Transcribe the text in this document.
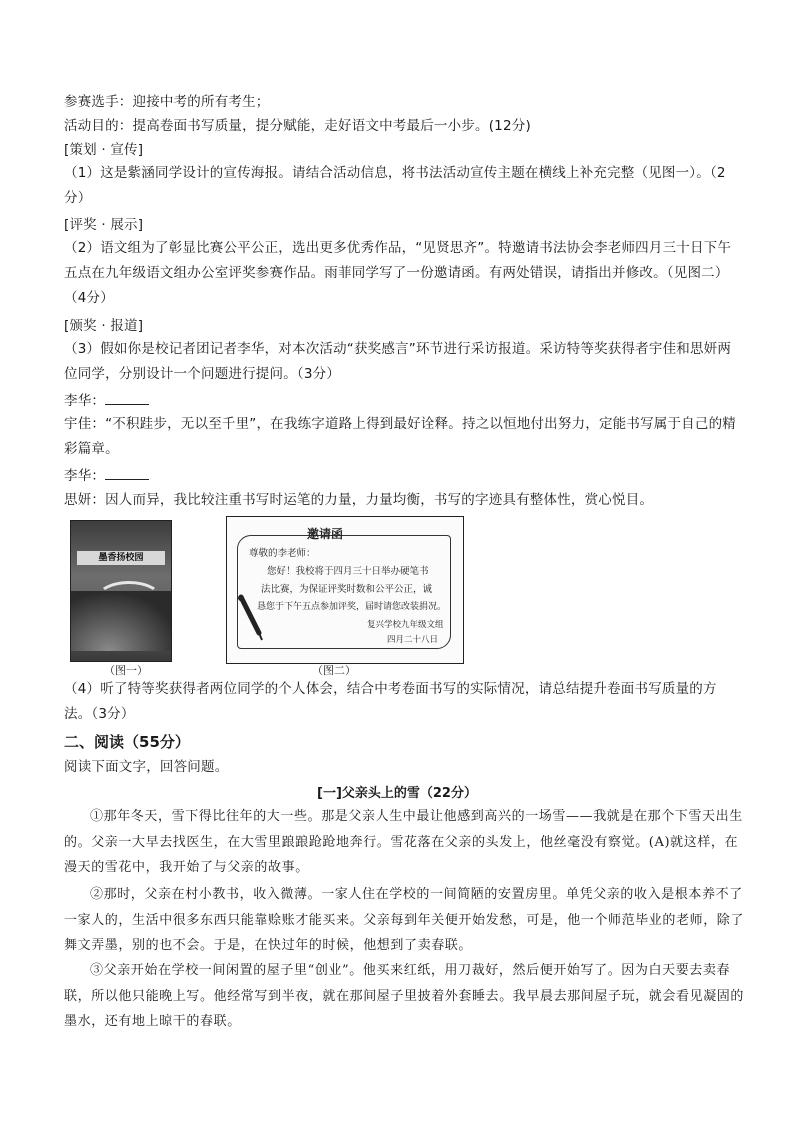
参赛选手：迎接中考的所有考生；
活动目的：提高卷面书写质量，提分赋能，走好语文中考最后一小步。(12分)
[策划 · 宣传]
（1）这是紫涵同学设计的宣传海报。请结合活动信息，将书法活动宣传主题在横线上补充完整（见图一）。（2分）
[评奖 · 展示]
（2）语文组为了彰显比赛公平公正，选出更多优秀作品，“见贤思齐”。特邀请书法协会李老师四月三十日下午五点在九年级语文组办公室评奖参赛作品。雨菲同学写了一份邀请函。有两处错误，请指出并修改。（见图二）（4分）
[颁奖 · 报道]
（3）假如你是校记者团记者李华，对本次活动“获奖感言”环节进行采访报道。采访特等奖获得者宇佳和思妍两位同学，分别设计一个问题进行提问。（3分）
李华：
宇佳：“不积跬步，无以至千里”，在我练字道路上得到最好诠释。持之以恒地付出努力，定能书写属于自己的精彩篇章。
李华：
思妍：因人而异，我比较注重书写时运笔的力量，力量均衡，书写的字迹具有整体性，赏心悦目。
墨香扬校园
（图一）
邀请函
尊敬的李老师：
您好！我校将于四月三十日举办硬笔书
法比赛，为保证评奖时数和公平公正，诚
恳您于下午五点参加评奖，届时请您改装捐况。
复兴学校九年级文组
四月二十八日
（图二）
（4）听了特等奖获得者两位同学的个人体会，结合中考卷面书写的实际情况，请总结提升卷面书写质量的方法。（3分）
二、阅读（55分）
阅读下面文字，回答问题。
[一]父亲头上的雪（22分）
①那年冬天，雪下得比往年的大一些。那是父亲人生中最让他感到高兴的一场雪——我就是在那个下雪天出生的。父亲一大早去找医生，在大雪里踉踉跄跄地奔行。雪花落在父亲的头发上，他丝毫没有察觉。(A)就这样，在漫天的雪花中，我开始了与父亲的故事。
②那时，父亲在村小教书，收入微薄。一家人住在学校的一间简陋的安置房里。单凭父亲的收入是根本养不了一家人的，生活中很多东西只能靠赊账才能买来。父亲每到年关便开始发愁，可是，他一个师范毕业的老师，除了舞文弄墨，别的也不会。于是，在快过年的时候，他想到了卖春联。
③父亲开始在学校一间闲置的屋子里“创业”。他买来红纸，用刀裁好，然后便开始写了。因为白天要去卖春联，所以他只能晚上写。他经常写到半夜，就在那间屋子里披着外套睡去。我早晨去那间屋子玩，就会看见凝固的墨水，还有地上晾干的春联。
